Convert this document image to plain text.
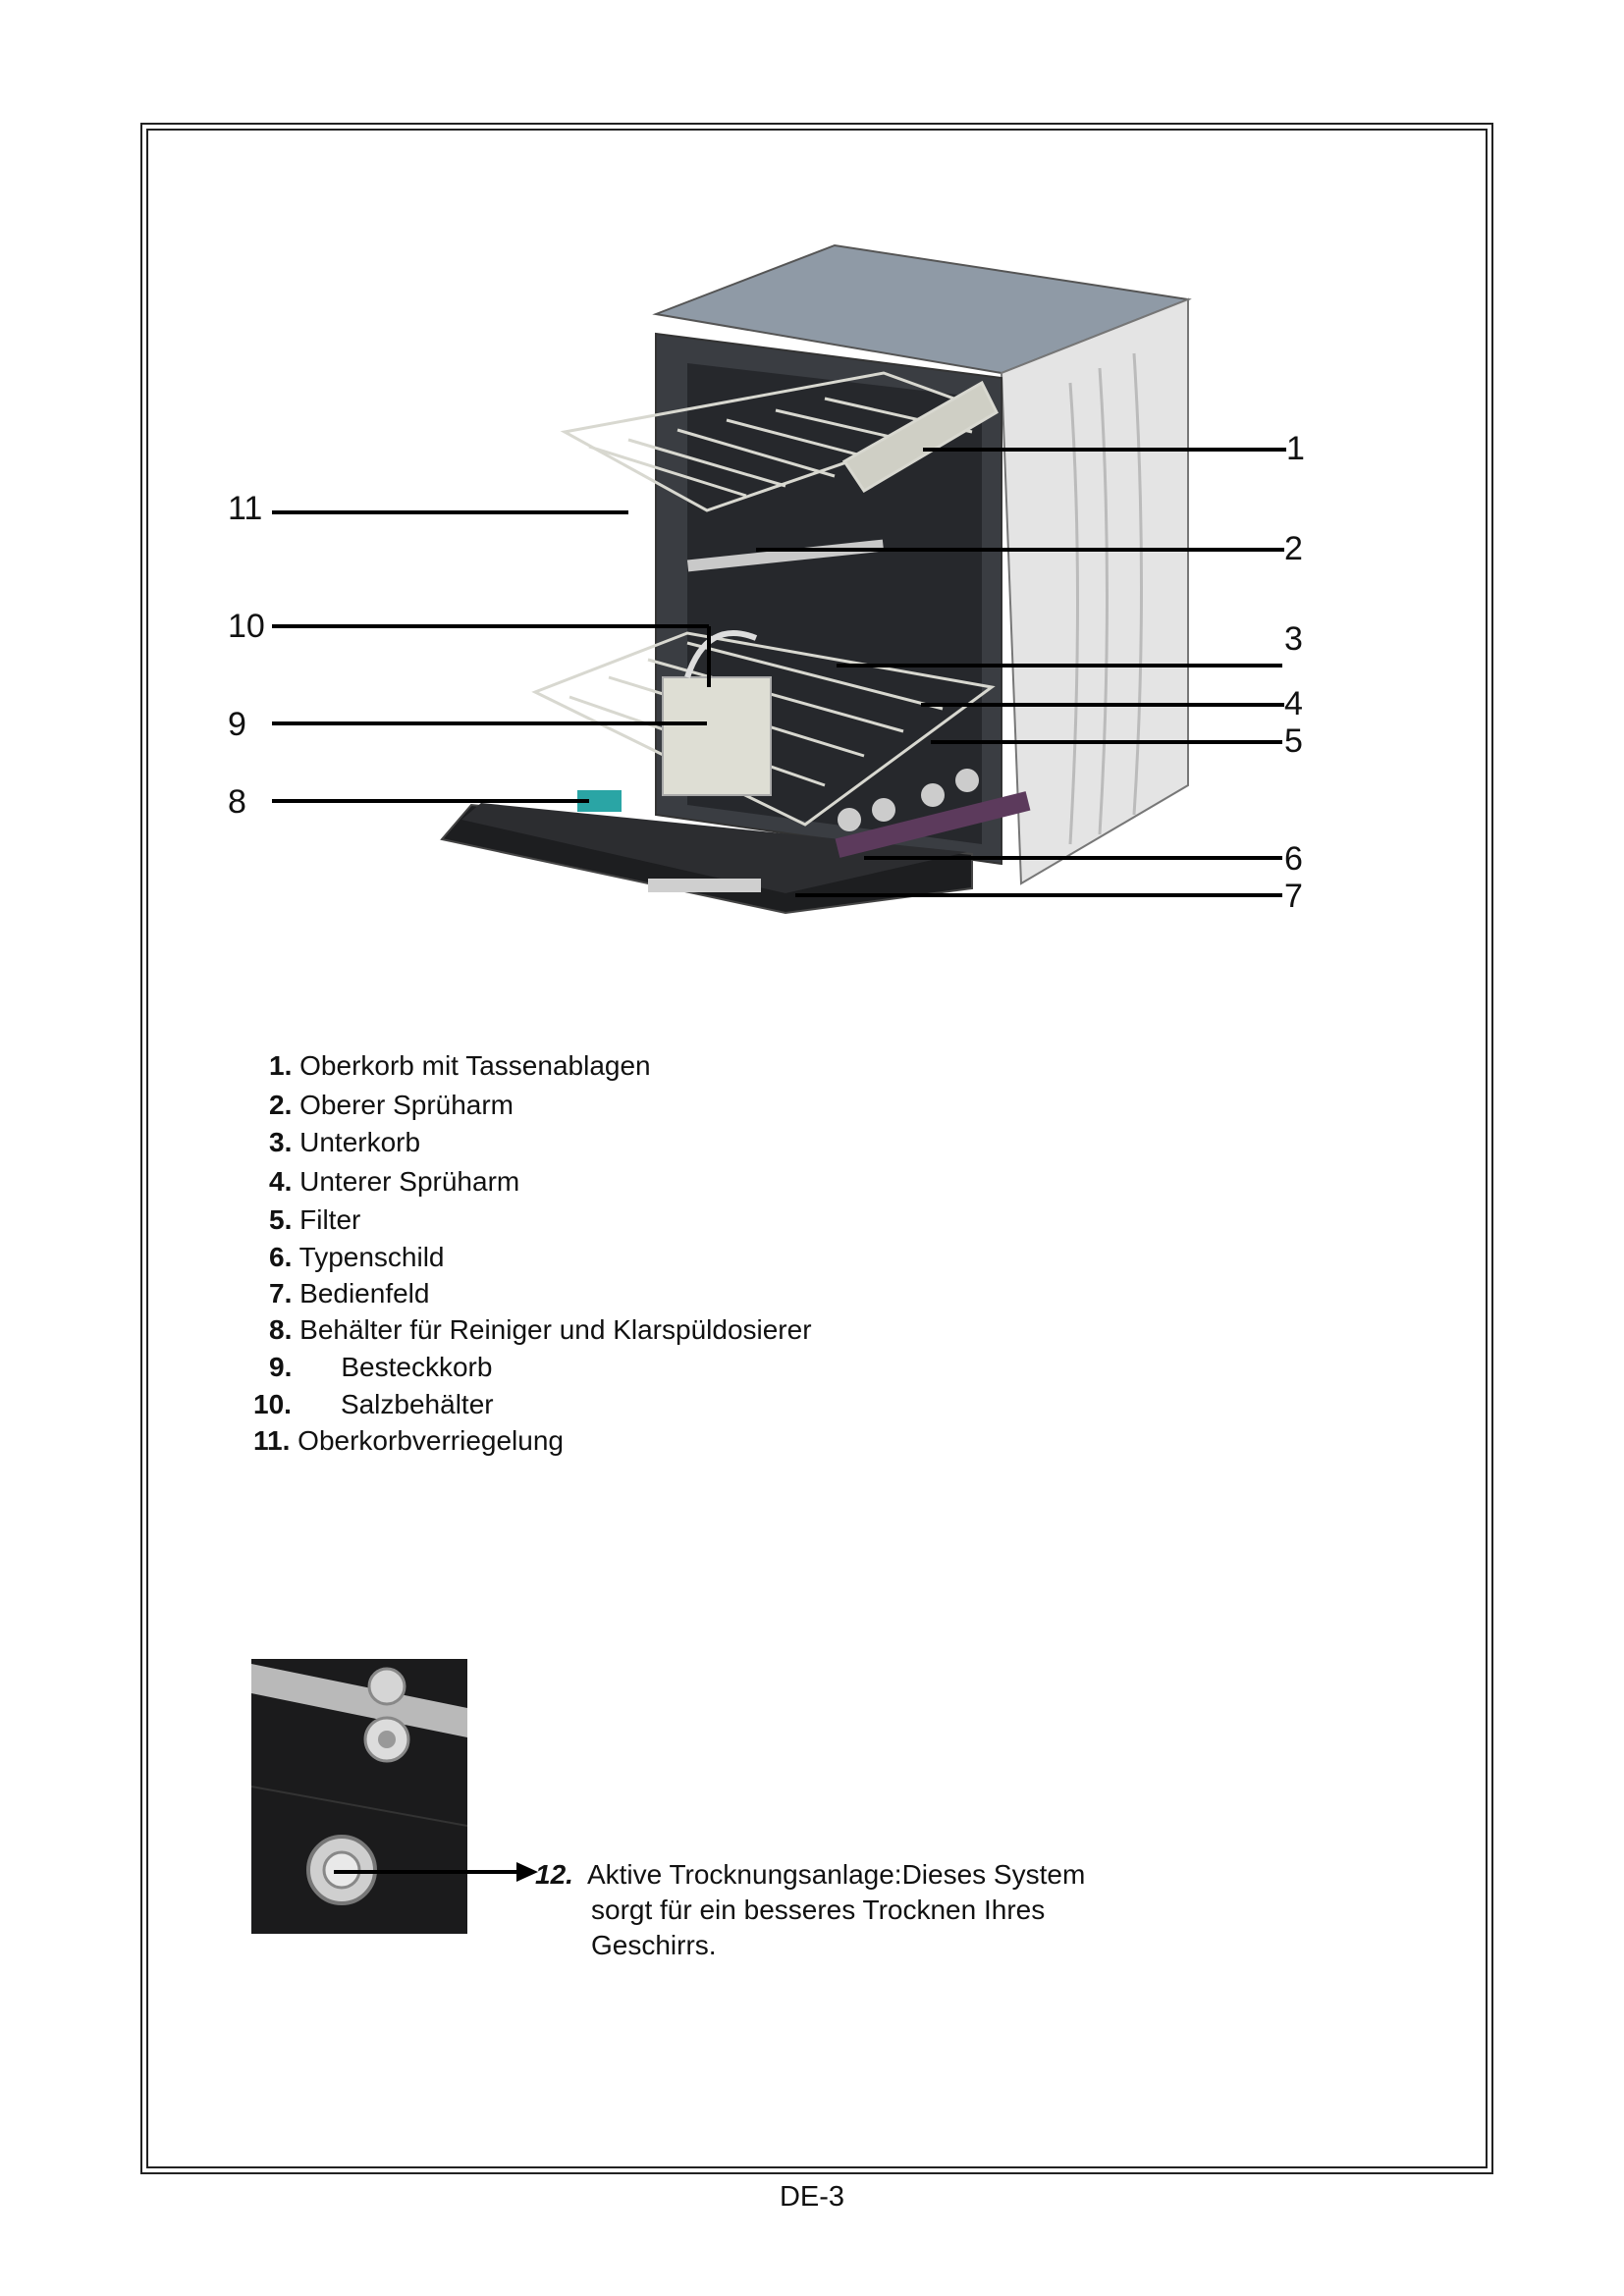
1
2
3
4
5
6
7
8
9
10
11
1. Oberkorb mit Tassenablagen
2. Oberer Sprüharm
3. Unterkorb
4. Unterer Sprüharm
5. Filter
6. Typenschild
7. Bedienfeld
8. Behälter für Reiniger und Klarspüldosierer
9. Besteckkorb
10. Salzbehälter
11. Oberkorbverriegelung
12. Aktive Trocknungsanlage:Dieses System
sorgt für ein besseres Trocknen Ihres
Geschirrs.
DE-3
